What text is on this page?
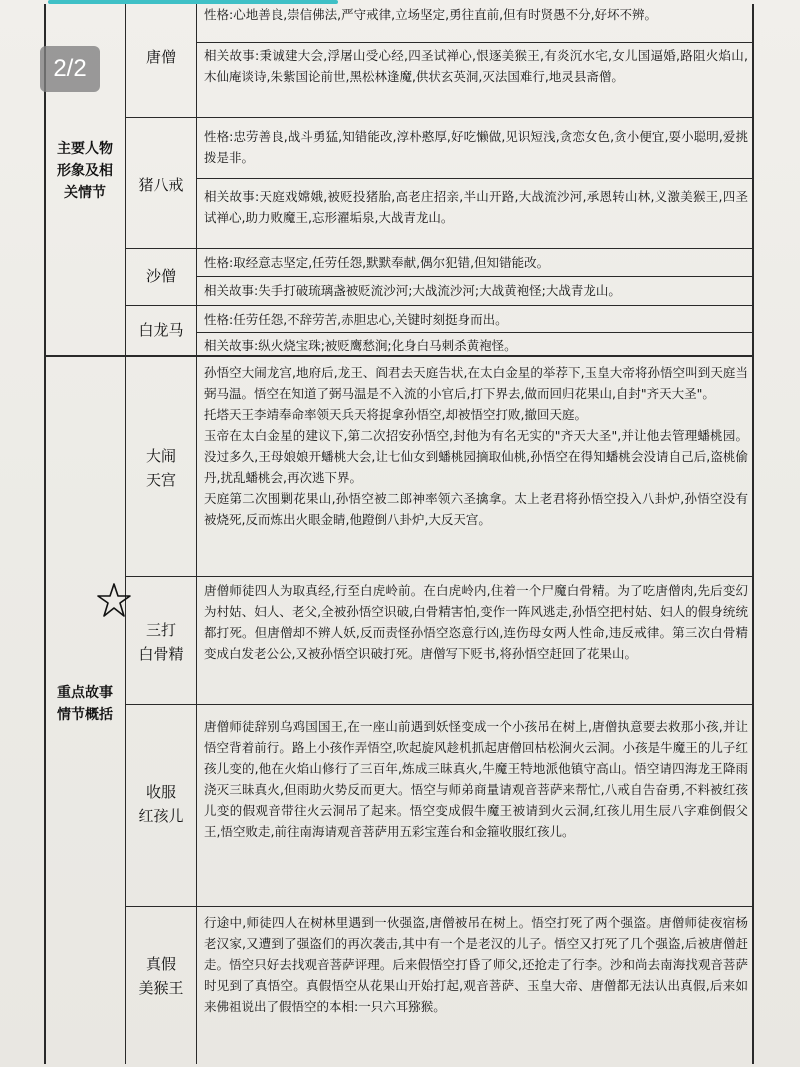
2/2
主要人物
形象及相
关情节
重点故事
情节概括
唐僧

性格:心地善良,崇信佛法,严守戒律,立场坚定,勇往直前,但有时贤愚不分,好坏不辨。

相关故事:秉诚建大会,浮屠山受心经,四圣试禅心,恨逐美猴王,有炎沉水宅,女儿国逼婚,路阻火焰山,木仙庵谈诗,朱紫国论前世,黑松林逢魔,供状玄英洞,灭法国难行,地灵县斋僧。

猪八戒

性格:忠劳善良,战斗勇猛,知错能改,淳朴憨厚,好吃懒做,见识短浅,贪恋女色,贪小便宜,耍小聪明,爱挑拨是非。

相关故事:天庭戏嫦娥,被贬投猪胎,高老庄招亲,半山开路,大战流沙河,承恩转山林,义激美猴王,四圣试禅心,助力败魔王,忘形濯垢泉,大战青龙山。

沙僧

性格:取经意志坚定,任劳任怨,默默奉献,偶尔犯错,但知错能改。

相关故事:失手打破琉璃盏被贬流沙河;大战流沙河;大战黄袍怪;大战青龙山。

白龙马

性格:任劳任怨,不辞劳苦,赤胆忠心,关键时刻挺身而出。

相关故事:纵火烧宝珠;被贬鹰愁涧;化身白马刺杀黄袍怪。

大闹
天宫

孙悟空大闹龙宫,地府后,龙王、阎君去天庭告状,在太白金星的举荐下,玉皇大帝将孙悟空叫到天庭当弼马温。悟空在知道了弼马温是不入流的小官后,打下界去,做而回归花果山,自封"齐天大圣"。

托塔天王李靖奉命率领天兵天将捉拿孙悟空,却被悟空打败,撤回天庭。

玉帝在太白金星的建议下,第二次招安孙悟空,封他为有名无实的"齐天大圣",并让他去管理蟠桃园。没过多久,王母娘娘开蟠桃大会,让七仙女到蟠桃园摘取仙桃,孙悟空在得知蟠桃会没请自己后,盗桃偷丹,扰乱蟠桃会,再次逃下界。

天庭第二次围剿花果山,孙悟空被二郎神率领六圣擒拿。太上老君将孙悟空投入八卦炉,孙悟空没有被烧死,反而炼出火眼金睛,他蹬倒八卦炉,大反天宫。

三打
白骨精

唐僧师徒四人为取真经,行至白虎岭前。在白虎岭内,住着一个尸魔白骨精。为了吃唐僧肉,先后变幻为村姑、妇人、老父,全被孙悟空识破,白骨精害怕,变作一阵风逃走,孙悟空把村姑、妇人的假身统统都打死。但唐僧却不辨人妖,反而责怪孙悟空恣意行凶,连伤母女两人性命,违反戒律。第三次白骨精变成白发老公公,又被孙悟空识破打死。唐僧写下贬书,将孙悟空赶回了花果山。

收服
红孩儿

唐僧师徒辞别乌鸡国国王,在一座山前遇到妖怪变成一个小孩吊在树上,唐僧执意要去救那小孩,并让悟空背着前行。路上小孩作弄悟空,吹起旋风趁机抓起唐僧回枯松涧火云洞。小孩是牛魔王的儿子红孩儿变的,他在火焰山修行了三百年,炼成三昧真火,牛魔王特地派他镇守高山。悟空请四海龙王降雨浇灭三昧真火,但雨助火势反而更大。悟空与师弟商量请观音菩萨来帮忙,八戒自告奋勇,不料被红孩儿变的假观音带往火云洞吊了起来。悟空变成假牛魔王被请到火云洞,红孩儿用生辰八字难倒假父王,悟空败走,前往南海请观音菩萨用五彩宝莲台和金箍收服红孩儿。

真假
美猴王

行途中,师徒四人在树林里遇到一伙强盗,唐僧被吊在树上。悟空打死了两个强盗。唐僧师徒夜宿杨老汉家,又遭到了强盗们的再次袭击,其中有一个是老汉的儿子。悟空又打死了几个强盗,后被唐僧赶走。悟空只好去找观音菩萨评理。后来假悟空打昏了师父,还抢走了行李。沙和尚去南海找观音菩萨时见到了真悟空。真假悟空从花果山开始打起,观音菩萨、玉皇大帝、唐僧都无法认出真假,后来如来佛祖说出了假悟空的本相:一只六耳猕猴。
